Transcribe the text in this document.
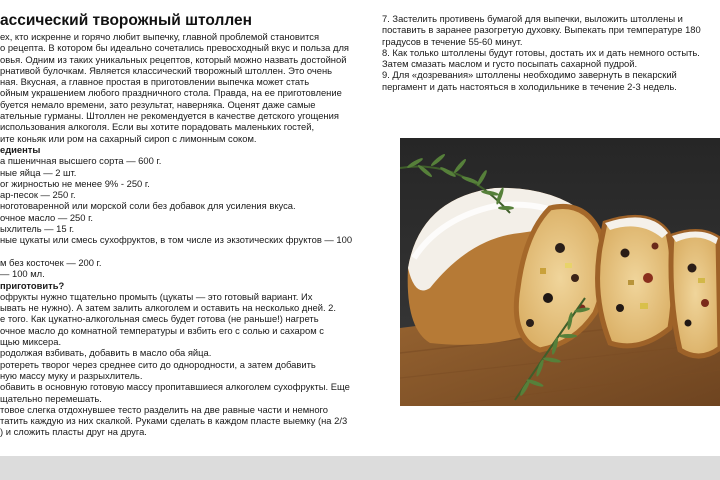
ассический творожный штоллен
ех, кто искренне и горячо любит выпечку, главной проблемой становится
о рецепта. В котором бы идеально сочетались превосходный вкус и польза для
овья. Одним из таких уникальных рецептов, который можно назвать достойной
рнативой булочкам. Является классический творожный штоллен. Это очень
ная. Вкусная, а главное простая в приготовлении выпечка может стать
ойным украшением любого праздничного стола. Правда, на ее приготовление
буется немало времени, зато результат, наверняка. Оценят даже самые
ательные гурманы. Штоллен не рекомендуется в качестве детского угощения
использования алкоголя. Если вы хотите порадовать маленьких гостей,
ите коньяк или ром на сахарный сироп с лимонным соком.
едиенты
а пшеничная высшего сорта — 600 г.
ные яйца — 2 шт.
ог жирностью не менее 9% - 250 г.
ар-песок — 250 г.
ноготоваренной или морской соли без добавок для усиления вкуса.
очное масло — 250 г.
ыхлитель — 15 г.
ные цукаты или смесь сухофруктов, в том числе из экзотических фруктов — 100
м без косточек — 200 г.
— 100 мл.
приготовить?
офрукты нужно тщательно промыть (цукаты — это готовый вариант. Их
ывать не нужно). А затем залить алкоголем и оставить на несколько дней. 2.
е того. Как цукатно-алкогольная смесь будет готова (не раньше!) нагреть
очное масло до комнатной температуры и взбить его с солью и сахаром с
щью миксера.
родолжая взбивать, добавить в масло оба яйца.
ротереть творог через среднее сито до однородности, а затем добавить
ную массу муку и разрыхлитель.
обавить в основную готовую массу пропитавшиеся алкоголем сухофрукты. Еще
щательно перемешать.
товое слегка отдохнувшее тесто разделить на две равные части и немного
татить каждую из них скалкой. Руками сделать в каждом пласте выемку (на 2/3
) и сложить пласты друг на друга.
7. Застелить противень бумагой для выпечки, выложить штоллены и
поставить в заранее разогретую духовку. Выпекать при температуре 180
градусов в течение 55-60 минут.
8. Как только штоллены будут готовы, достать их и дать немного остыть.
Затем смазать маслом и густо посыпать сахарной пудрой.
9. Для «дозревания» штоллены необходимо завернуть в пекарский
пергамент и дать настояться в холодильнике в течение 2-3 недель.
